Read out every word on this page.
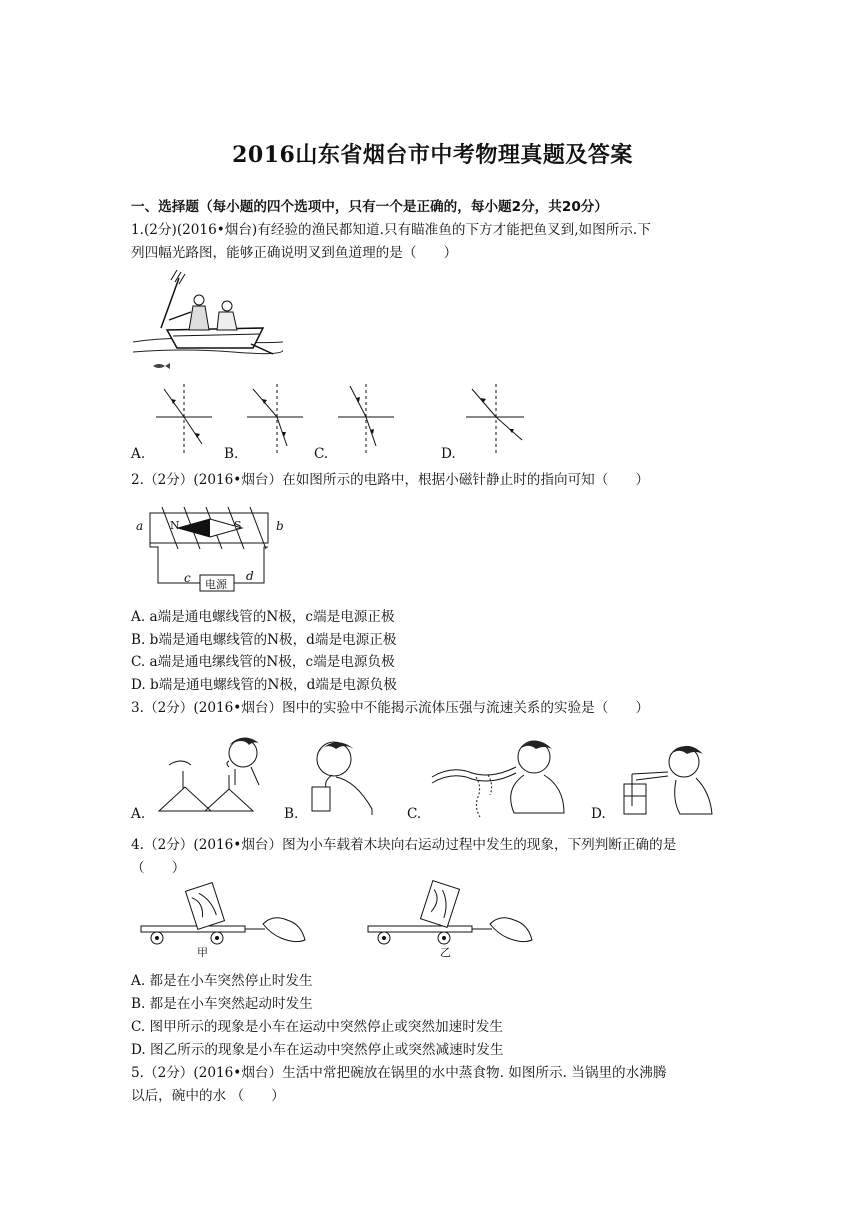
2016山东省烟台市中考物理真题及答案
一、选择题（每小题的四个选项中，只有一个是正确的，每小题2分，共20分）
1.(2分)(2016•烟台)有经验的渔民都知道.只有瞄准鱼的下方才能把鱼叉到,如图所示.下
列四幅光路图，能够正确说明叉到鱼道理的是（　　）
A.	B.	C.	D.
2.（2分）(2016•烟台）在如图所示的电路中，根据小磁针静止时的指向可知（　　）
a	b
N	S
c	d
电源
A. a端是通电螺线管的N极，c端是电源正极
B. b端是通电螺线管的N极，d端是电源正极
C. a端是通电缧线管的N极，c端是电源负极
D. b端是通电螺线管的N极，d端是电源负极
3.（2分）(2016•烟台）图中的实验中不能揭示流体压强与流速关系的实验是（　　）
A.	B.	C.	D.
4.（2分）(2016•烟台）图为小车载着木块向右运动过程中发生的现象，下列判断正确的是
（　　）
甲	乙
A. 都是在小车突然停止时发生
B. 都是在小车突然起动时发生
C. 图甲所示的现象是小车在运动中突然停止或突然加速时发生
D. 图乙所示的现象是小车在运动中突然停止或突然减速时发生
5.（2分）(2016•烟台）生活中常把碗放在锅里的水中蒸食物. 如图所示. 当锅里的水沸腾
以后，碗中的水 （　　）
